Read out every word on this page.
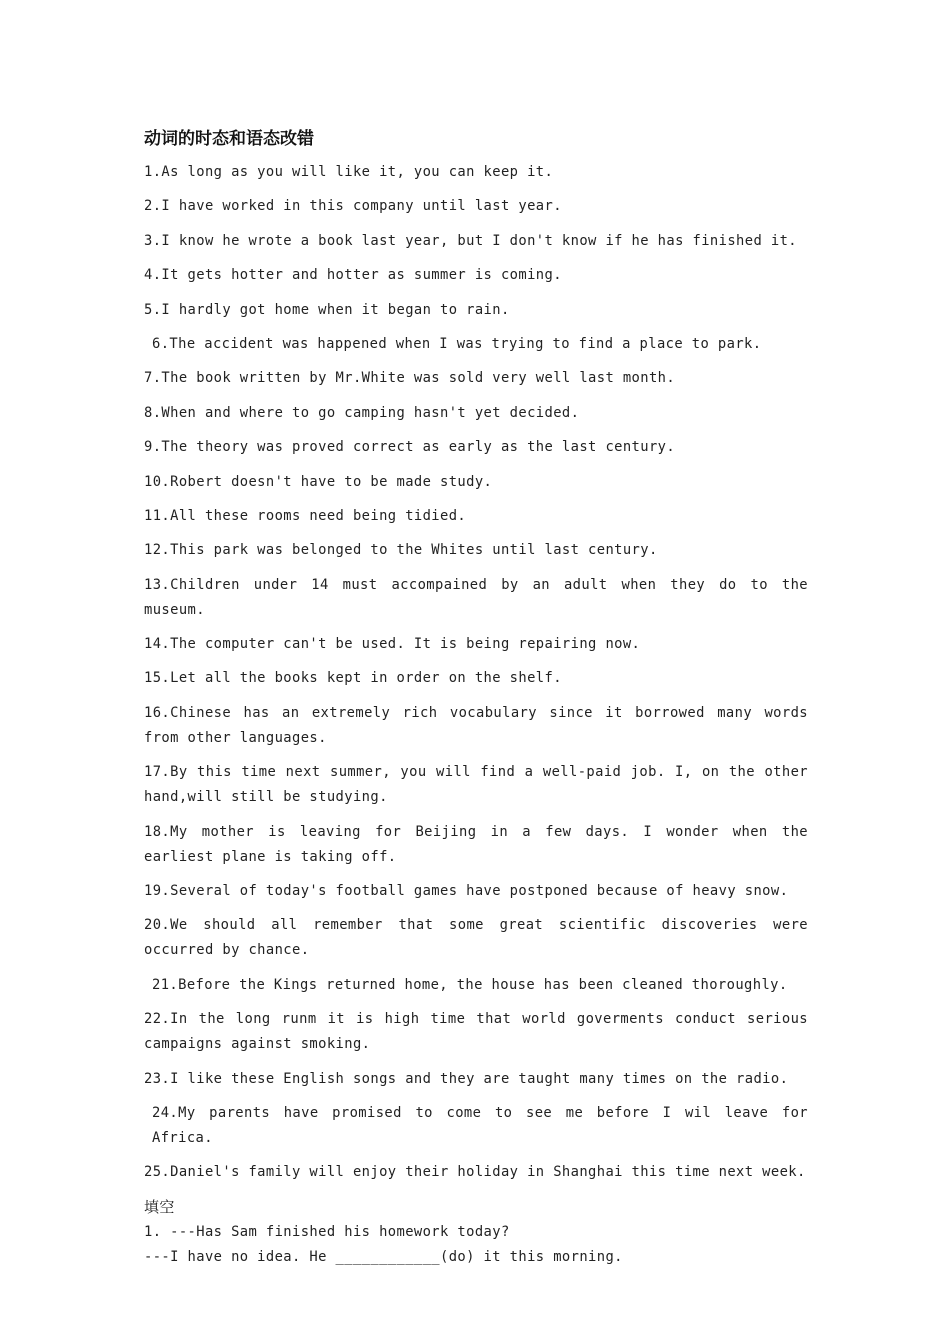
动词的时态和语态改错

1.As long as you will like it, you can keep it.

2.I have worked in this company until last year.

3.I know he wrote a book last year, but I don't know if he has finished it.

4.It gets hotter and hotter as summer is coming.

5.I hardly got home when it began to rain.

6.The accident was happened when I was trying to find a place to park.

7.The book written by Mr.White was sold very well last month.

8.When and where to go camping hasn't yet decided.

9.The theory was proved correct as early as the last century.

10.Robert doesn't have to be made study.

11.All these rooms need being tidied.

12.This park was belonged to the Whites until last century.

13.Children under 14 must accompained by an adult when they do to the museum.

14.The computer can't be used. It is being repairing now.

15.Let all the books kept in order on the shelf.

16.Chinese has an extremely rich vocabulary since it borrowed many words from other languages.

17.By this time next summer, you will find a well-paid job. I, on the other hand,will still be studying.

18.My mother is leaving for Beijing in a few days. I wonder when the earliest plane is taking off.

19.Several of today's football games have postponed because of heavy snow.

20.We should all remember that some great scientific discoveries were occurred by chance.

21.Before the Kings returned home, the house has been cleaned thoroughly.

22.In the long runm it is high time that world goverments conduct serious campaigns against smoking.

23.I like these English songs and they are taught many times on the radio.

24.My parents have promised to come to see me before I wil leave for Africa.

25.Daniel's family will enjoy their holiday in Shanghai this time next week.

填空

1. ---Has Sam finished his homework today?

---I have no idea. He ____________(do) it this morning.
